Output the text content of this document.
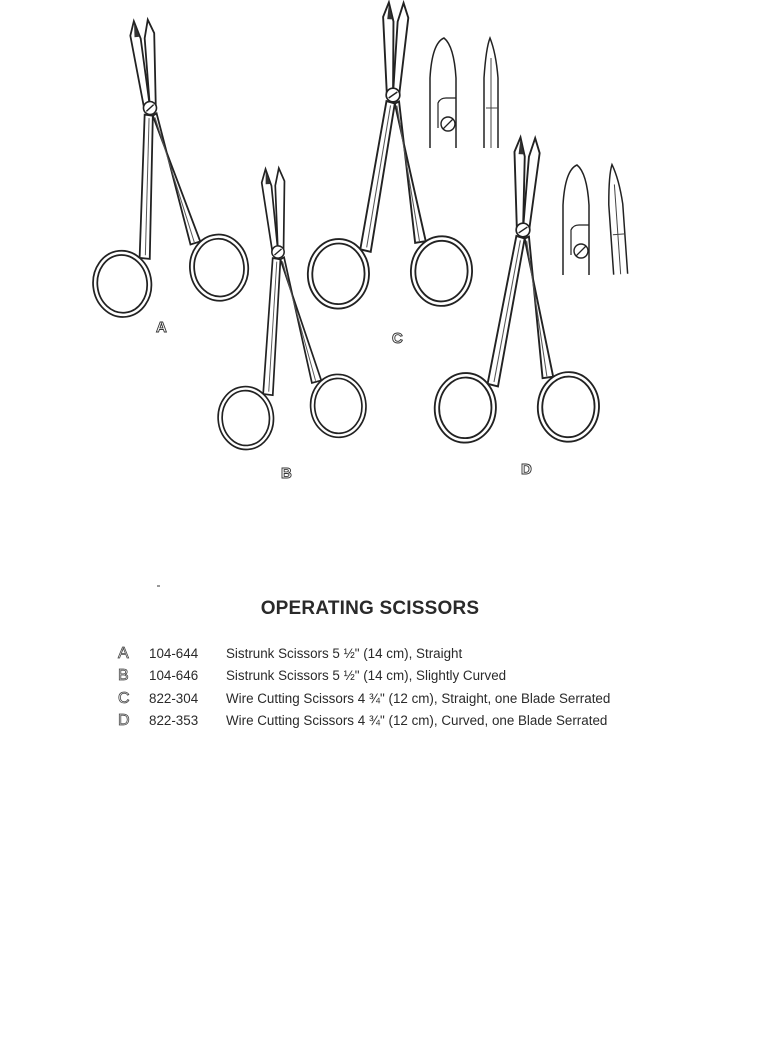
A
B
C
D
OPERATING SCISSORS
A 104-644 Sistrunk Scissors 5 ½" (14 cm), Straight
B 104-646 Sistrunk Scissors 5 ½" (14 cm), Slightly Curved
C 822-304 Wire Cutting Scissors 4 ¾" (12 cm), Straight, one Blade Serrated
D 822-353 Wire Cutting Scissors 4 ¾" (12 cm), Curved, one Blade Serrated
